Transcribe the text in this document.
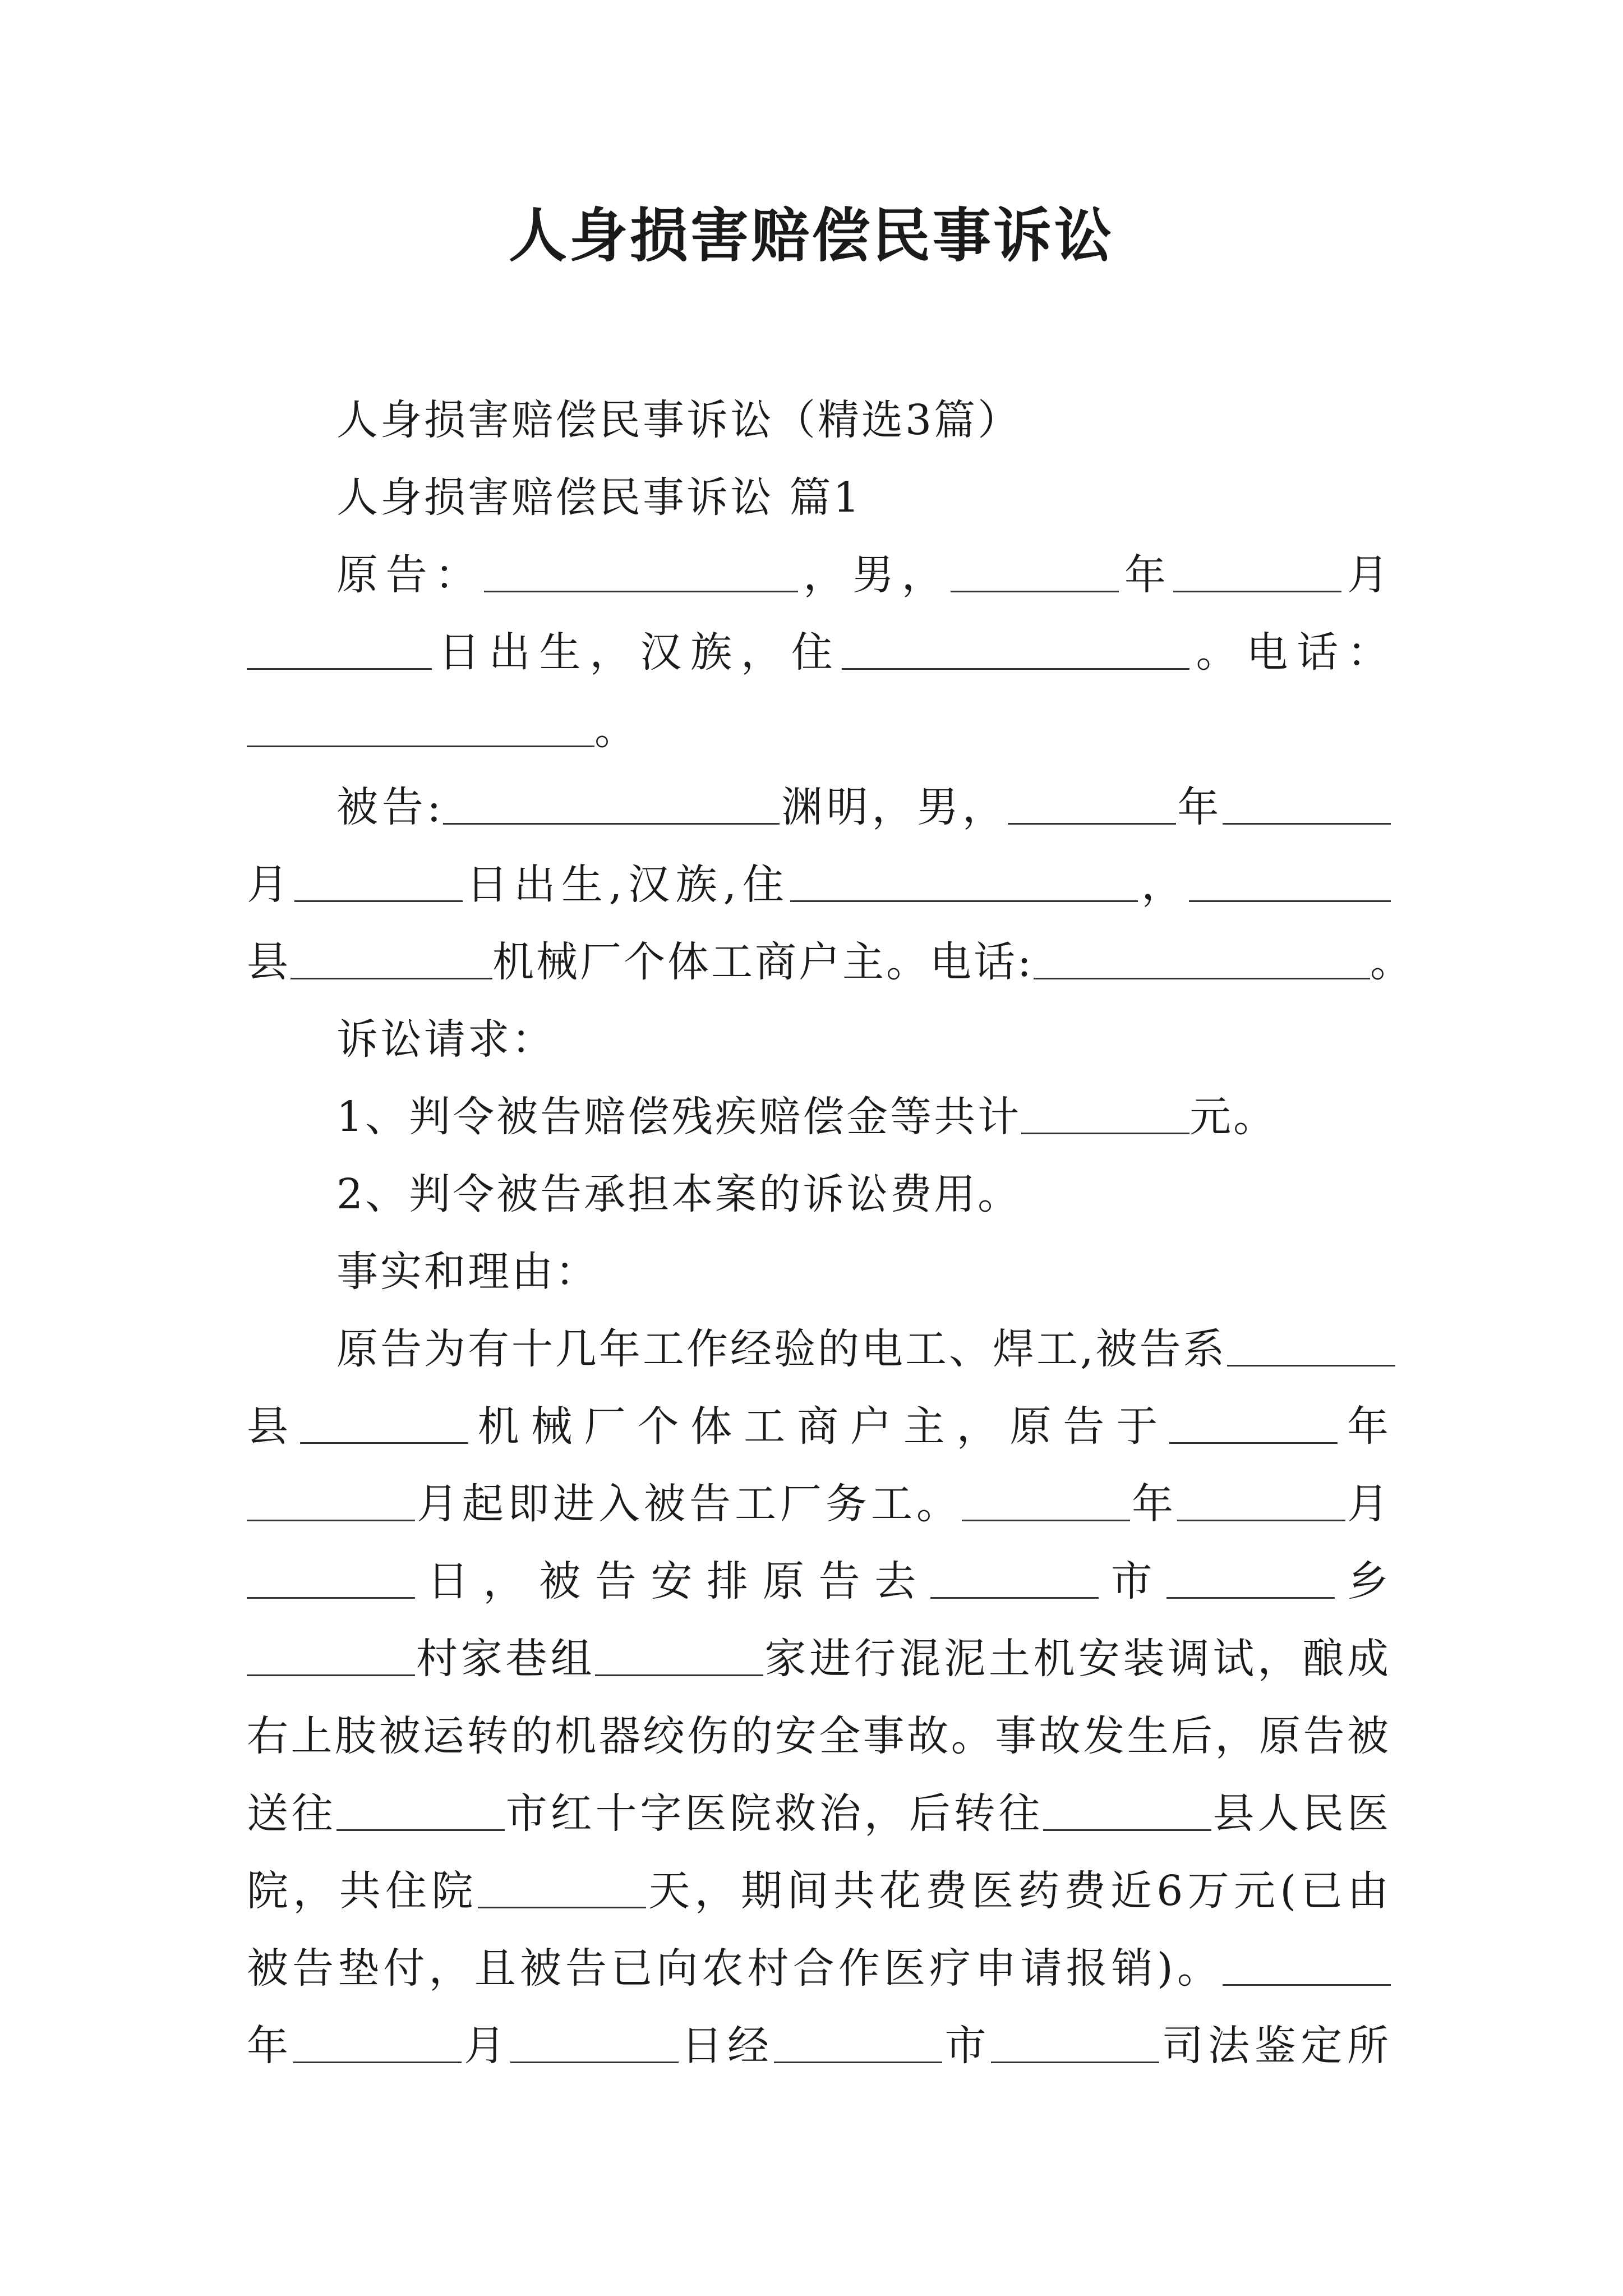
人身损害赔偿民事诉讼
人身损害赔偿民事诉讼（精选3篇）
人身损害赔偿民事诉讼 篇1
原告：	，男，	年	月
日出生，汉族，住	。电话：
。
被告:	渊明，男，	年
月	日出生,汉族,住	，
县	机械厂个体工商户主。电话:	。
诉讼请求：
1、判令被告赔偿残疾赔偿金等共计	元。
2、判令被告承担本案的诉讼费用。
事实和理由：
原告为有十几年工作经验的电工、焊工,被告系
县	机械厂个体工商户主，原告于	年
月起即进入被告工厂务工。	年	月
日，被告安排原告去	市	乡
村家巷组	家进行混泥土机安装调试，酿成
右上肢被运转的机器绞伤的安全事故。事故发生后，原告被
送往	市红十字医院救治，后转往	县人民医
院，共住院	天，期间共花费医药费近6万元(已由
被告垫付，且被告已向农村合作医疗申请报销)。
年	月	日经	市	司法鉴定所
